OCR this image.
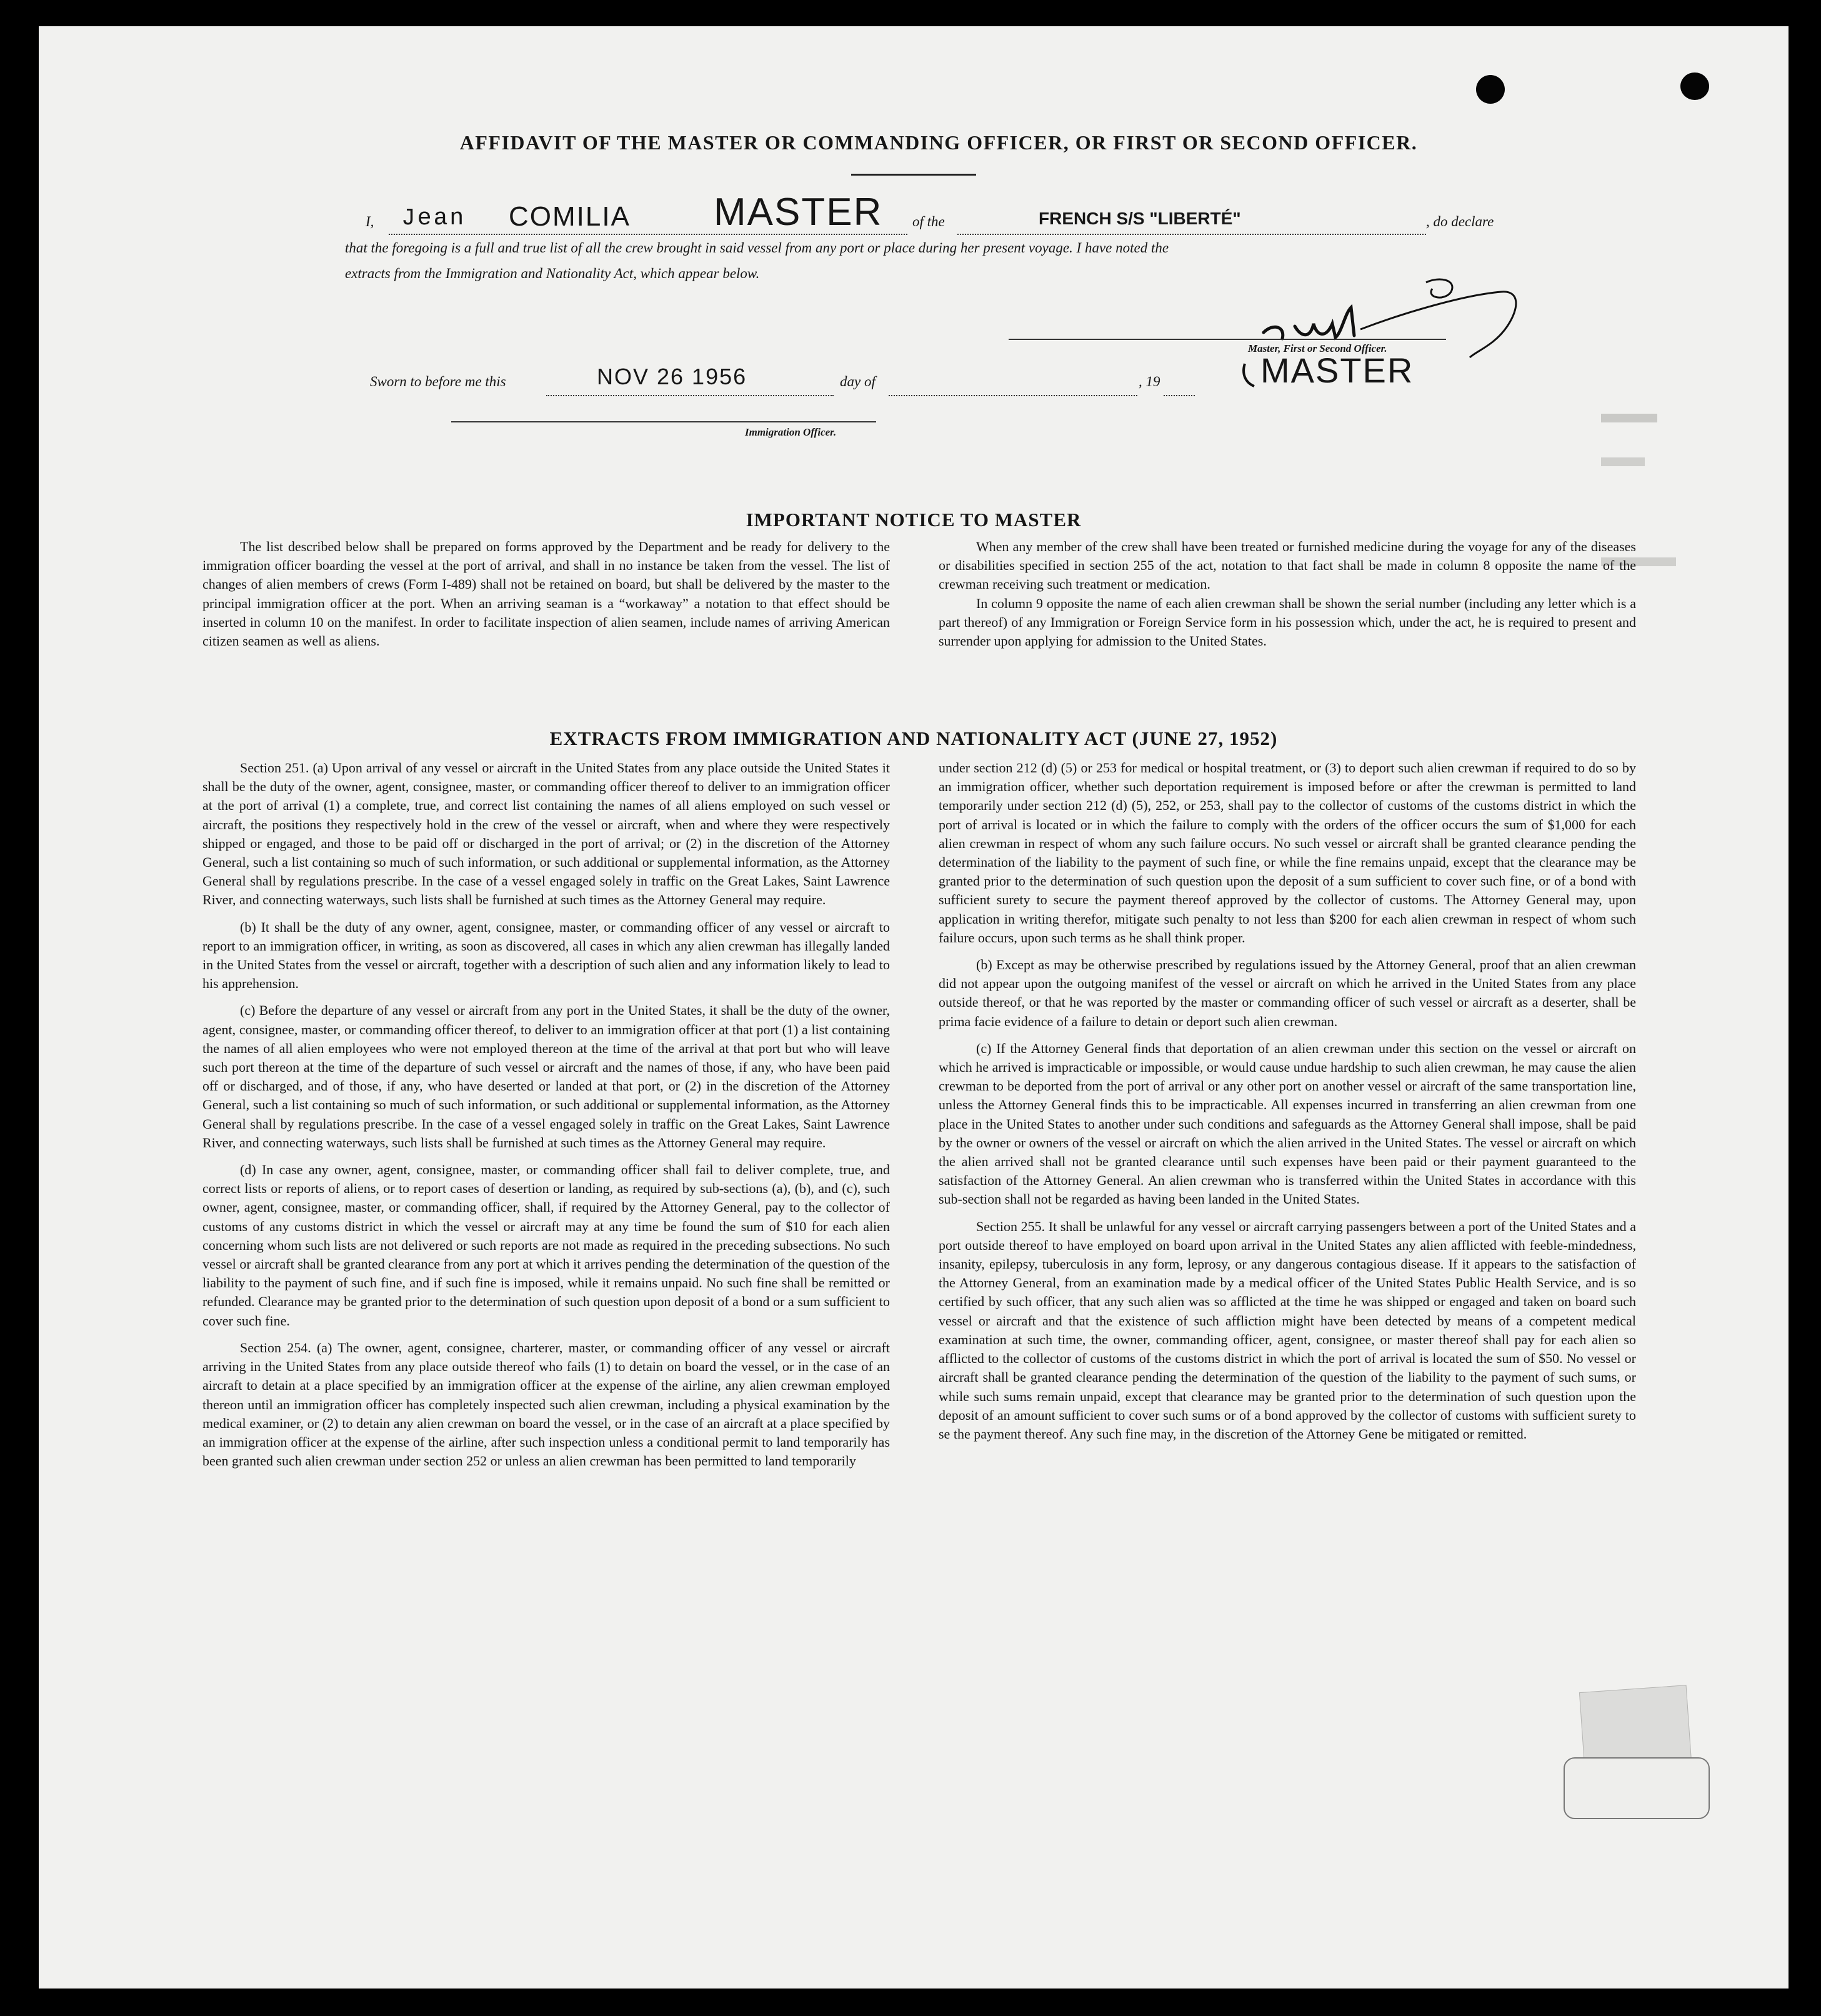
AFFIDAVIT OF THE MASTER OR COMMANDING OFFICER, OR FIRST OR SECOND OFFICER.
I, Jean COMILIA MASTER of the	FRENCH S/S "LIBERTÉ"	, do declare
that the foregoing is a full and true list of all the crew brought in said vessel from any port or place during her present voyage. I have noted the
extracts from the Immigration and Nationality Act, which appear below.
Master, First or Second Officer.
MASTER
Sworn to before me this	NOV 26 1956	day of	, 19
Immigration Officer.
IMPORTANT NOTICE TO MASTER

The list described below shall be prepared on forms approved by the Department and be ready for delivery to the immigration officer boarding the vessel at the port of arrival, and shall in no instance be taken from the vessel. The list of changes of alien members of crews (Form I-489) shall not be retained on board, but shall be delivered by the master to the principal immigration officer at the port. When an arriving seaman is a “workaway” a notation to that effect should be inserted in column 10 on the manifest. In order to facilitate inspection of alien seamen, include names of arriving American citizen seamen as well as aliens.

When any member of the crew shall have been treated or furnished medicine during the voyage for any of the diseases or disabilities specified in section 255 of the act, notation to that fact shall be made in column 8 opposite the name of the crewman receiving such treatment or medication.

In column 9 opposite the name of each alien crewman shall be shown the serial number (including any letter which is a part thereof) of any Immigration or Foreign Service form in his possession which, under the act, he is required to present and surrender upon applying for admission to the United States.

EXTRACTS FROM IMMIGRATION AND NATIONALITY ACT (JUNE 27, 1952)

Section 251. (a) Upon arrival of any vessel or aircraft in the United States from any place outside the United States it shall be the duty of the owner, agent, consignee, master, or commanding officer thereof to deliver to an immigration officer at the port of arrival (1) a complete, true, and correct list containing the names of all aliens employed on such vessel or aircraft, the positions they respectively hold in the crew of the vessel or aircraft, when and where they were respectively shipped or engaged, and those to be paid off or discharged in the port of arrival; or (2) in the discretion of the Attorney General, such a list containing so much of such information, or such additional or supplemental information, as the Attorney General shall by regulations prescribe. In the case of a vessel engaged solely in traffic on the Great Lakes, Saint Lawrence River, and connecting waterways, such lists shall be furnished at such times as the Attorney General may require.

(b) It shall be the duty of any owner, agent, consignee, master, or commanding officer of any vessel or aircraft to report to an immigration officer, in writing, as soon as discovered, all cases in which any alien crewman has illegally landed in the United States from the vessel or aircraft, together with a description of such alien and any information likely to lead to his apprehension.

(c) Before the departure of any vessel or aircraft from any port in the United States, it shall be the duty of the owner, agent, consignee, master, or commanding officer thereof, to deliver to an immigration officer at that port (1) a list containing the names of all alien employees who were not employed thereon at the time of the arrival at that port but who will leave such port thereon at the time of the departure of such vessel or aircraft and the names of those, if any, who have been paid off or discharged, and of those, if any, who have deserted or landed at that port, or (2) in the discretion of the Attorney General, such a list containing so much of such information, or such additional or supplemental information, as the Attorney General shall by regulations prescribe. In the case of a vessel engaged solely in traffic on the Great Lakes, Saint Lawrence River, and connecting waterways, such lists shall be furnished at such times as the Attorney General may require.

(d) In case any owner, agent, consignee, master, or commanding officer shall fail to deliver complete, true, and correct lists or reports of aliens, or to report cases of desertion or landing, as required by sub-sections (a), (b), and (c), such owner, agent, consignee, master, or commanding officer, shall, if required by the Attorney General, pay to the collector of customs of any customs district in which the vessel or aircraft may at any time be found the sum of $10 for each alien concerning whom such lists are not delivered or such reports are not made as required in the preceding subsections. No such vessel or aircraft shall be granted clearance from any port at which it arrives pending the determination of the question of the liability to the payment of such fine, and if such fine is imposed, while it remains unpaid. No such fine shall be remitted or refunded. Clearance may be granted prior to the determination of such question upon deposit of a bond or a sum sufficient to cover such fine.

Section 254. (a) The owner, agent, consignee, charterer, master, or commanding officer of any vessel or aircraft arriving in the United States from any place outside thereof who fails (1) to detain on board the vessel, or in the case of an aircraft to detain at a place specified by an immigration officer at the expense of the airline, any alien crewman employed thereon until an immigration officer has completely inspected such alien crewman, including a physical examination by the medical examiner, or (2) to detain any alien crewman on board the vessel, or in the case of an aircraft at a place specified by an immigration officer at the expense of the airline, after such inspection unless a conditional permit to land temporarily has been granted such alien crewman under section 252 or unless an alien crewman has been permitted to land temporarily

under section 212 (d) (5) or 253 for medical or hospital treatment, or (3) to deport such alien crewman if required to do so by an immigration officer, whether such deportation requirement is imposed before or after the crewman is permitted to land temporarily under section 212 (d) (5), 252, or 253, shall pay to the collector of customs of the customs district in which the port of arrival is located or in which the failure to comply with the orders of the officer occurs the sum of $1,000 for each alien crewman in respect of whom any such failure occurs. No such vessel or aircraft shall be granted clearance pending the determination of the liability to the payment of such fine, or while the fine remains unpaid, except that the clearance may be granted prior to the determination of such question upon the deposit of a sum sufficient to cover such fine, or of a bond with sufficient surety to secure the payment thereof approved by the collector of customs. The Attorney General may, upon application in writing therefor, mitigate such penalty to not less than $200 for each alien crewman in respect of whom such failure occurs, upon such terms as he shall think proper.

(b) Except as may be otherwise prescribed by regulations issued by the Attorney General, proof that an alien crewman did not appear upon the outgoing manifest of the vessel or aircraft on which he arrived in the United States from any place outside thereof, or that he was reported by the master or commanding officer of such vessel or aircraft as a deserter, shall be prima facie evidence of a failure to detain or deport such alien crewman.

(c) If the Attorney General finds that deportation of an alien crewman under this section on the vessel or aircraft on which he arrived is impracticable or impossible, or would cause undue hardship to such alien crewman, he may cause the alien crewman to be deported from the port of arrival or any other port on another vessel or aircraft of the same transportation line, unless the Attorney General finds this to be impracticable. All expenses incurred in transferring an alien crewman from one place in the United States to another under such conditions and safeguards as the Attorney General shall impose, shall be paid by the owner or owners of the vessel or aircraft on which the alien arrived in the United States. The vessel or aircraft on which the alien arrived shall not be granted clearance until such expenses have been paid or their payment guaranteed to the satisfaction of the Attorney General. An alien crewman who is transferred within the United States in accordance with this sub-section shall not be regarded as having been landed in the United States.

Section 255. It shall be unlawful for any vessel or aircraft carrying passengers between a port of the United States and a port outside thereof to have employed on board upon arrival in the United States any alien afflicted with feeble-mindedness, insanity, epilepsy, tuberculosis in any form, leprosy, or any dangerous contagious disease. If it appears to the satisfaction of the Attorney General, from an examination made by a medical officer of the United States Public Health Service, and is so certified by such officer, that any such alien was so afflicted at the time he was shipped or engaged and taken on board such vessel or aircraft and that the existence of such affliction might have been detected by means of a competent medical examination at such time, the owner, commanding officer, agent, consignee, or master thereof shall pay for each alien so afflicted to the collector of customs of the customs district in which the port of arrival is located the sum of $50. No vessel or aircraft shall be granted clearance pending the determination of the question of the liability to the payment of such sums, or while such sums remain unpaid, except that clearance may be granted prior to the determination of such question upon the deposit of an amount sufficient to cover such sums or of a bond approved by the collector of customs with sufficient surety to se the payment thereof. Any such fine may, in the discretion of the Attorney Gene be mitigated or remitted.
